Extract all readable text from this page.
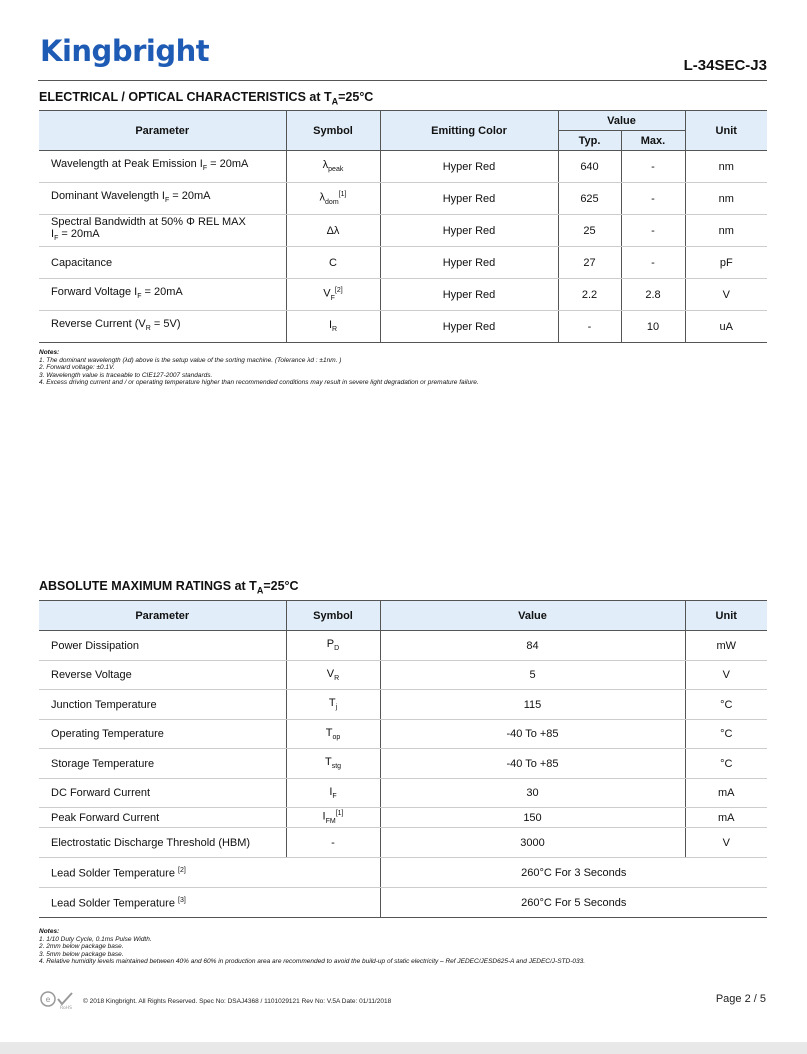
Kingbright	L-34SEC-J3
ELECTRICAL / OPTICAL CHARACTERISTICS at $T_A=25^\circ C$
Parameter	Symbol	Emitting Color	Value		Unit
			Typ.	Max.	
Wavelength at Peak Emission $I_F = 20mA$	$\lambda_{peak}$	Hyper Red	640	-	nm
Dominant Wavelength $I_F = 20mA$	$\lambda_{dom}[1]$	Hyper Red	625	-	nm
Spectral Bandwidth at 50% Φ REL MAX
$I_F = 20mA$	Δλ	Hyper Red	25	-	nm
Capacitance	C	Hyper Red	27	-	pF
Forward Voltage $I_F = 20mA$	$V_F[2]$	Hyper Red	2.2	2.8	V
Reverse Current $(V_R = 5V)$	$I_R$	Hyper Red	-	10	uA
Notes:
1. The dominant wavelength (λd) above is the setup value of the sorting machine. (Tolerance λd : ±1nm. )
2. Forward voltage: ±0.1V.
3. Wavelength value is traceable to CIE127-2007 standards.
4. Excess driving current and / or operating temperature higher than recommended conditions may result in severe light degradation or premature failure.
ABSOLUTE MAXIMUM RATINGS at $T_A=25^\circ C$
Parameter	Symbol	Value	Unit
Power Dissipation	$P_D$	84	mW
Reverse Voltage	$V_R$	5	V
Junction Temperature	$T_j$	115	°C
Operating Temperature	$T_{op}$	-40 To +85	°C
Storage Temperature	$T_{stg}$	-40 To +85	°C
DC Forward Current	$I_F$	30	mA
Peak Forward Current	$I_{FM}[1]$	150	mA
Electrostatic Discharge Threshold (HBM)	-	3000	V
Lead Solder Temperature [2]		260°C For 3 Seconds	
Lead Solder Temperature [3]		260°C For 5 Seconds	
Notes:
1. 1/10 Duty Cycle, 0.1ms Pulse Width.
2. 2mm below package base.
3. 5mm below package base.
4. Relative humidity levels maintained between 40% and 60% in production area are recommended to avoid the build-up of static electricity – Ref JEDEC/JESD625-A and JEDEC/J-STD-033.
e
RoHS
© 2018 Kingbright. All Rights Reserved. Spec No: DSAJ4368 / 1101029121 Rev No: V.5A Date: 01/11/2018	Page 2 / 5
